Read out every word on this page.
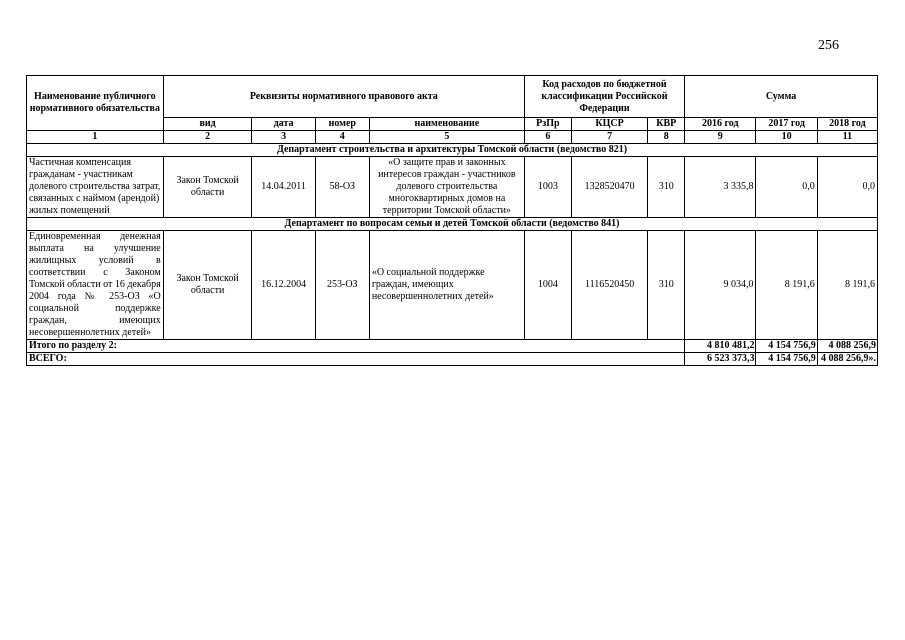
256
Наименование публичного нормативного обязательства	Реквизиты нормативного правового акта				Код расходов по бюджетной классификации Российской Федерации			Сумма		
	вид	дата	номер	наименование	РзПр	КЦСР	КВР	2016 год	2017 год	2018 год
1	2	3	4	5	6	7	8	9	10	11
Департамент строительства и архитектуры Томской области (ведомство 821)										
Частичная компенсация гражданам - участникам долевого строительства затрат, связанных с наймом (арендой) жилых помещений	Закон Томской области	14.04.2011	58-ОЗ	«О защите прав и законных интересов граждан - участников долевого строительства многоквартирных домов на территории Томской области»	1003	1328520470	310	3 335,8	0,0	0,0
Департамент по вопросам семьи и детей Томской области (ведомство 841)										
Единовременная денежная выплата на улучшение жилищных условий в соответствии с Законом Томской области от 16 декабря 2004 года № 253-ОЗ «О социальной поддержке граждан, имеющих несовершеннолетних детей»	Закон Томской области	16.12.2004	253-ОЗ	«О социальной поддержке граждан, имеющих несовершеннолетних детей»	1004	1116520450	310	9 034,0	8 191,6	8 191,6
Итого по разделу 2:								4 810 481,2	4 154 756,9	4 088 256,9
ВСЕГО:								6 523 373,3	4 154 756,9	4 088 256,9».
